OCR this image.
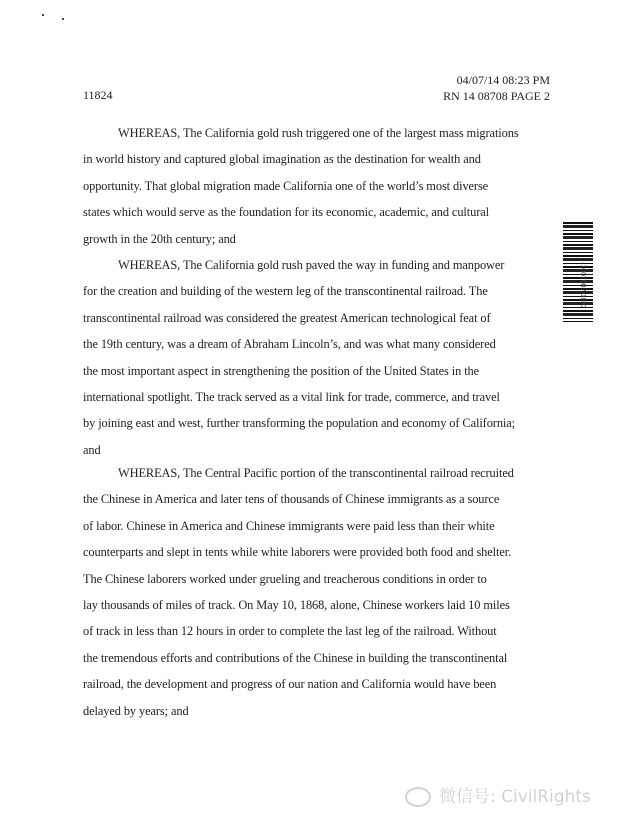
11824
04/07/14 08:23 PM
RN 14 08708 PAGE 2
WHEREAS, The California gold rush triggered one of the largest mass migrations
in world history and captured global imagination as the destination for wealth and
opportunity. That global migration made California one of the world’s most diverse
states which would serve as the foundation for its economic, academic, and cultural
growth in the 20th century; and
WHEREAS, The California gold rush paved the way in funding and manpower
for the creation and building of the western leg of the transcontinental railroad. The
transcontinental railroad was considered the greatest American technological feat of
the 19th century, was a dream of Abraham Lincoln’s, and was what many considered
the most important aspect in strengthening the position of the United States in the
international spotlight. The track served as a vital link for trade, commerce, and travel
by joining east and west, further transforming the population and economy of California;
and
WHEREAS, The Central Pacific portion of the transcontinental railroad recruited
the Chinese in America and later tens of thousands of Chinese immigrants as a source
of labor. Chinese in America and Chinese immigrants were paid less than their white
counterparts and slept in tents while white laborers were provided both food and shelter.
The Chinese laborers worked under grueling and treacherous conditions in order to
lay thousands of miles of track. On May 10, 1868, alone, Chinese workers laid 10 miles
of track in less than 12 hours in order to complete the last leg of the railroad. Without
the tremendous efforts and contributions of the Chinese in building the transcontinental
railroad, the development and progress of our nation and California would have been
delayed by years; and
-1007087-1EC
微信号: CivilRights
